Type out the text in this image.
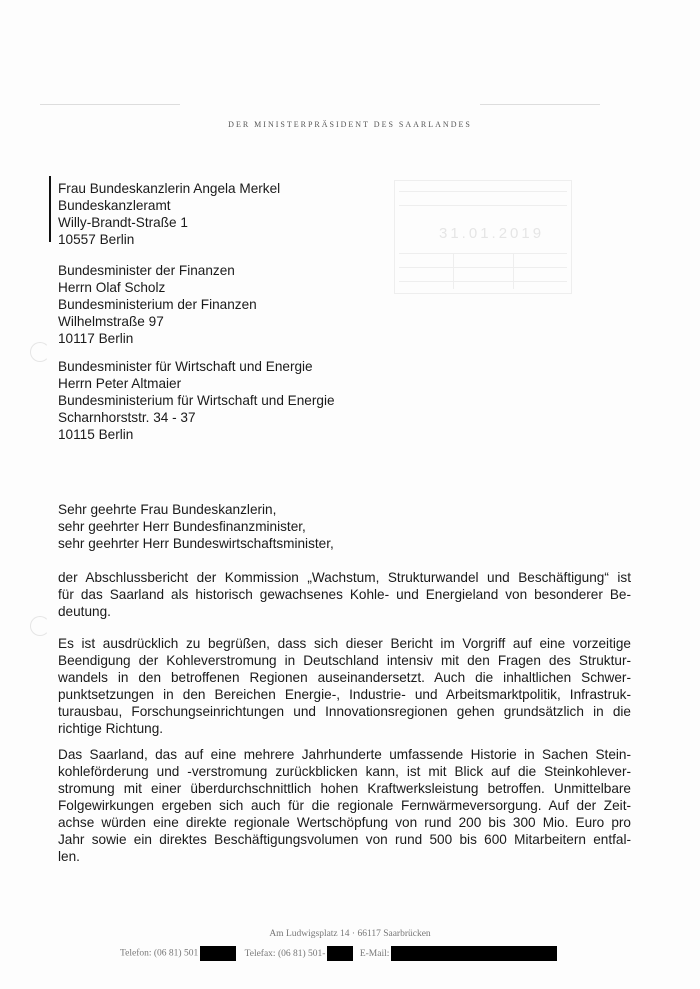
DER MINISTERPRÄSIDENT DES SAARLANDES
Frau Bundeskanzlerin Angela Merkel
Bundeskanzleramt
Willy-Brandt-Straße 1
10557 Berlin	31.01.2019
Bundesminister der Finanzen
Herrn Olaf Scholz
Bundesministerium der Finanzen
Wilhelmstraße 97
10117 Berlin
Bundesminister für Wirtschaft und Energie
Herrn Peter Altmaier
Bundesministerium für Wirtschaft und Energie
Scharnhorststr. 34 - 37
10115 Berlin
Sehr geehrte Frau Bundeskanzlerin,
sehr geehrter Herr Bundesfinanzminister,
sehr geehrter Herr Bundeswirtschaftsminister,
der Abschlussbericht der Kommission „Wachstum, Strukturwandel und Beschäftigung“ ist
für das Saarland als historisch gewachsenes Kohle- und Energieland von besonderer Be-
deutung.
Es ist ausdrücklich zu begrüßen, dass sich dieser Bericht im Vorgriff auf eine vorzeitige
Beendigung der Kohleverstromung in Deutschland intensiv mit den Fragen des Struktur-
wandels in den betroffenen Regionen auseinandersetzt. Auch die inhaltlichen Schwer-
punktsetzungen in den Bereichen Energie-, Industrie- und Arbeitsmarktpolitik, Infrastruk-
turausbau, Forschungseinrichtungen und Innovationsregionen gehen grundsätzlich in die
richtige Richtung.
Das Saarland, das auf eine mehrere Jahrhunderte umfassende Historie in Sachen Stein-
kohleförderung und -verstromung zurückblicken kann, ist mit Blick auf die Steinkohlever-
stromung mit einer überdurchschnittlich hohen Kraftwerksleistung betroffen. Unmittelbare
Folgewirkungen ergeben sich auch für die regionale Fernwärmeversorgung. Auf der Zeit-
achse würden eine direkte regionale Wertschöpfung von rund 200 bis 300 Mio. Euro pro
Jahr sowie ein direktes Beschäftigungsvolumen von rund 500 bis 600 Mitarbeitern entfal-
len.
Am Ludwigsplatz 14 · 66117 Saarbrücken
Telefon: (06 81) 501	Telefax: (06 81) 501-	E-Mail:
